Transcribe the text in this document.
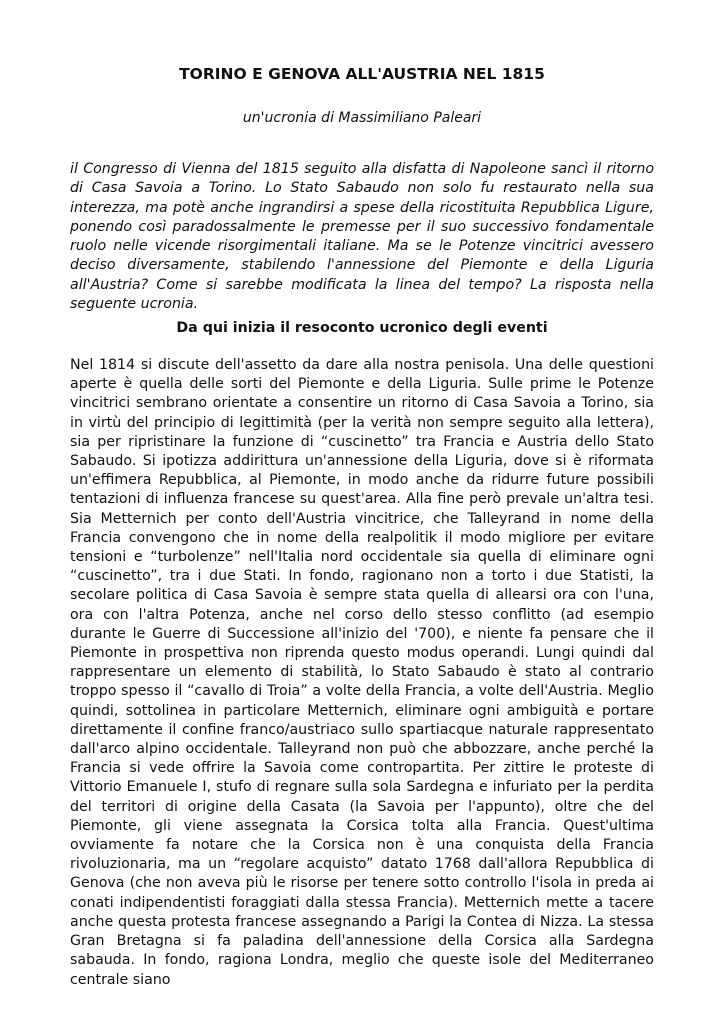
TORINO E GENOVA ALL'AUSTRIA NEL 1815

un'ucronia di Massimiliano Paleari

il Congresso di Vienna del 1815 seguito alla disfatta di Napoleone sancì il ritorno di Casa Savoia a Torino. Lo Stato Sabaudo non solo fu restaurato nella sua interezza, ma potè anche ingrandirsi a spese della ricostituita Repubblica Ligure, ponendo così paradossalmente le premesse per il suo successivo fondamentale ruolo nelle vicende risorgimentali italiane. Ma se le Potenze vincitrici avessero deciso diversamente, stabilendo l'annessione del Piemonte e della Liguria all'Austria? Come si sarebbe modificata la linea del tempo? La risposta nella seguente ucronia.

Da qui inizia il resoconto ucronico degli eventi

Nel 1814 si discute dell'assetto da dare alla nostra penisola. Una delle questioni aperte è quella delle sorti del Piemonte e della Liguria. Sulle prime le Potenze vincitrici sembrano orientate a consentire un ritorno di Casa Savoia a Torino, sia in virtù del principio di legittimità (per la verità non sempre seguito alla lettera), sia per ripristinare la funzione di “cuscinetto” tra Francia e Austria dello Stato Sabaudo. Si ipotizza addirittura un'annessione della Liguria, dove si è riformata un'effimera Repubblica, al Piemonte, in modo anche da ridurre future possibili tentazioni di influenza francese su quest'area. Alla fine però prevale un'altra tesi. Sia Metternich per conto dell'Austria vincitrice, che Talleyrand in nome della Francia convengono che in nome della realpolitik il modo migliore per evitare tensioni e “turbolenze” nell'Italia nord occidentale sia quella di eliminare ogni “cuscinetto”, tra i due Stati. In fondo, ragionano non a torto i due Statisti, la secolare politica di Casa Savoia è sempre stata quella di allearsi ora con l'una, ora con l'altra Potenza, anche nel corso dello stesso conflitto (ad esempio durante le Guerre di Successione all'inizio del '700), e niente fa pensare che il Piemonte in prospettiva non riprenda questo modus operandi. Lungi quindi dal rappresentare un elemento di stabilità, lo Stato Sabaudo è stato al contrario troppo spesso il “cavallo di Troia” a volte della Francia, a volte dell'Austria. Meglio quindi, sottolinea in particolare Metternich, eliminare ogni ambiguità e portare direttamente il confine franco/austriaco sullo spartiacque naturale rappresentato dall'arco alpino occidentale. Talleyrand non può che abbozzare, anche perché la Francia si vede offrire la Savoia come contropartita. Per zittire le proteste di Vittorio Emanuele I, stufo di regnare sulla sola Sardegna e infuriato per la perdita del territori di origine della Casata (la Savoia per l'appunto), oltre che del Piemonte, gli viene assegnata la Corsica tolta alla Francia. Quest'ultima ovviamente fa notare che la Corsica non è una conquista della Francia rivoluzionaria, ma un “regolare acquisto” datato 1768 dall'allora Repubblica di Genova (che non aveva più le risorse per tenere sotto controllo l'isola in preda ai conati indipendentisti foraggiati dalla stessa Francia). Metternich mette a tacere anche questa protesta francese assegnando a Parigi la Contea di Nizza. La stessa Gran Bretagna si fa paladina dell'annessione della Corsica alla Sardegna sabauda. In fondo, ragiona Londra, meglio che queste isole del Mediterraneo centrale siano
